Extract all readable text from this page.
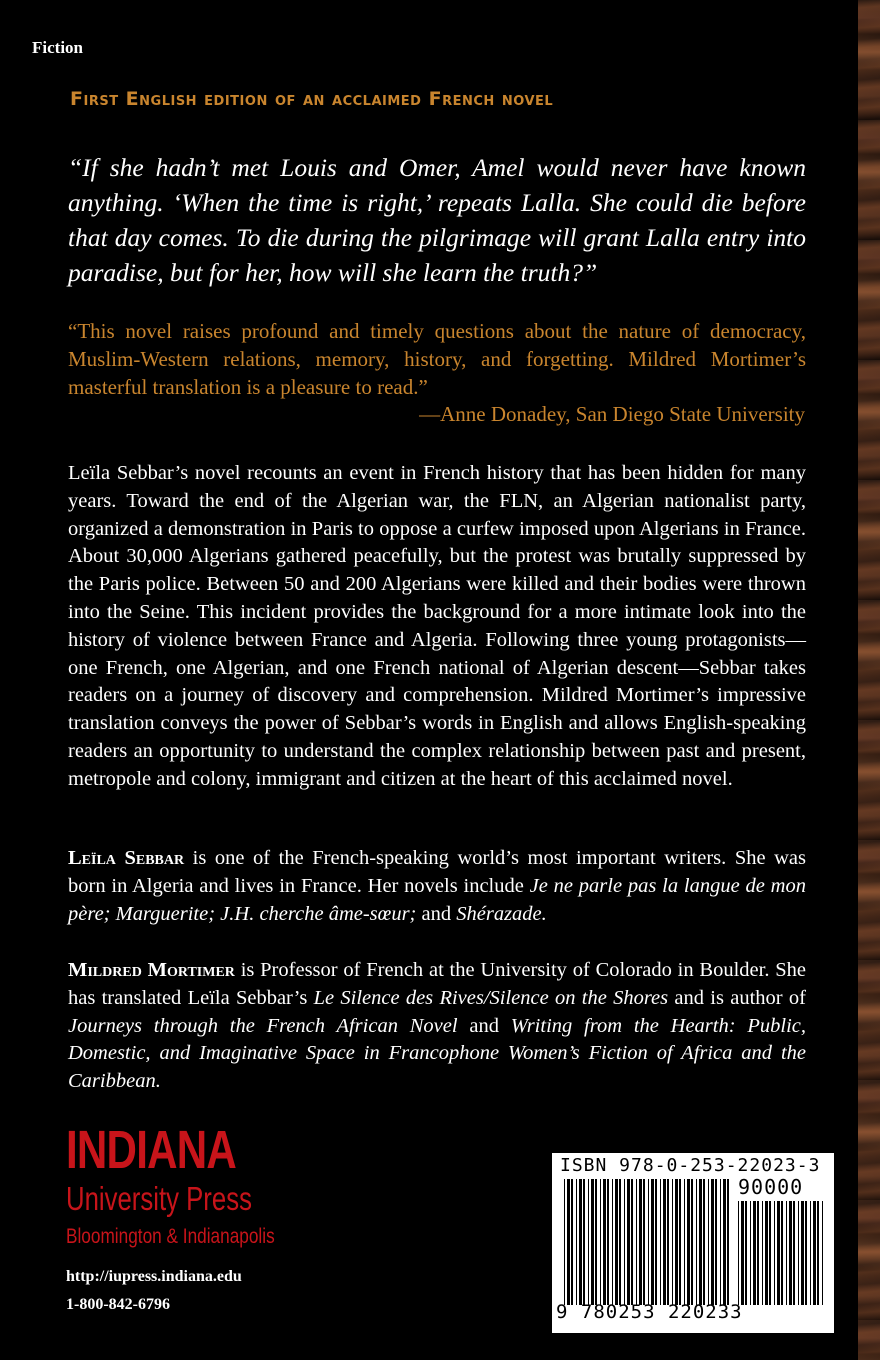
Fiction
First English edition of an acclaimed French novel

“If she hadn’t met Louis and Omer, Amel would never have known anything. ‘When the time is right,’ repeats Lalla. She could die before that day comes. To die during the pilgrimage will grant Lalla entry into paradise, but for her, how will she learn the truth?”

“This novel raises profound and timely questions about the nature of democracy, Muslim-Western relations, memory, history, and forgetting. Mildred Mortimer’s masterful translation is a pleasure to read.”

—Anne Donadey, San Diego State University

Leïla Sebbar’s novel recounts an event in French history that has been hidden for many years. Toward the end of the Algerian war, the FLN, an Algerian nationalist party, organized a demonstration in Paris to oppose a curfew imposed upon Algerians in France. About 30,000 Algerians gathered peacefully, but the protest was brutally suppressed by the Paris police. Between 50 and 200 Algerians were killed and their bodies were thrown into the Seine. This incident provides the background for a more intimate look into the history of violence between France and Algeria. Following three young protagonists—one French, one Algerian, and one French national of Algerian descent—Sebbar takes readers on a journey of discovery and comprehension. Mildred Mortimer’s impressive translation conveys the power of Sebbar’s words in English and allows English-speaking readers an opportunity to understand the complex relationship between past and present, metropole and colony, immigrant and citizen at the heart of this acclaimed novel.

Leïla Sebbar is one of the French-speaking world’s most important writers. She was born in Algeria and lives in France. Her novels include Je ne parle pas la langue de mon père; Marguerite; J.H. cherche âme-sœur; and Shérazade.

Mildred Mortimer is Professor of French at the University of Colorado in Boulder. She has translated Leïla Sebbar’s Le Silence des Rives/Silence on the Shores and is author of Journeys through the French African Novel and Writing from the Hearth: Public, Domestic, and Imaginative Space in Francophone Women’s Fiction of Africa and the Caribbean.

INDIANA
University Press
Bloomington & Indianapolis
http://iupress.indiana.edu
1-800-842-6796
ISBN 978-0-253-22023-3
90000
9 780253 220233
